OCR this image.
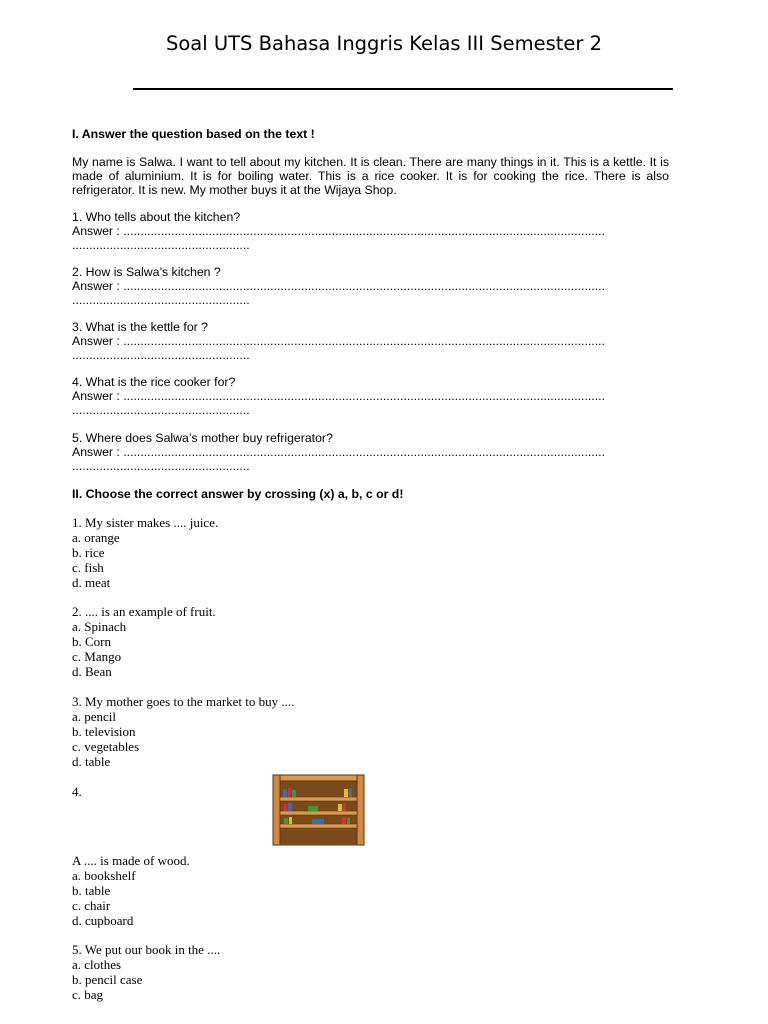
Soal UTS Bahasa Inggris Kelas III Semester 2
I. Answer the question based on the text !
My name is Salwa. I want to tell about my kitchen. It is clean. There are many things in it. This is a kettle. It is made of aluminium. It is for boiling water. This is a rice cooker. It is for cooking the rice. There is also refrigerator. It is new. My mother buys it at the Wijaya Shop.
1. Who tells about the kitchen?
Answer : .............................................................................................................................................
....................................................
2. How is Salwa’s kitchen ?
Answer : .............................................................................................................................................
....................................................
3. What is the kettle for ?
Answer : .............................................................................................................................................
....................................................
4. What is the rice cooker for?
Answer : .............................................................................................................................................
....................................................
5. Where does Salwa’s mother buy refrigerator?
Answer : .............................................................................................................................................
....................................................
II. Choose the correct answer by crossing (x) a, b, c or d!
1. My sister makes .... juice.
a. orange
b. rice
c. fish
d. meat
2. .... is an example of fruit.
a. Spinach
b. Corn
c. Mango
d. Bean
3. My mother goes to the market to buy ....
a. pencil
b. television
c. vegetables
d. table
4.
A .... is made of wood.
a. bookshelf
b. table
c. chair
d. cupboard
5. We put our book in the ....
a. clothes
b. pencil case
c. bag
